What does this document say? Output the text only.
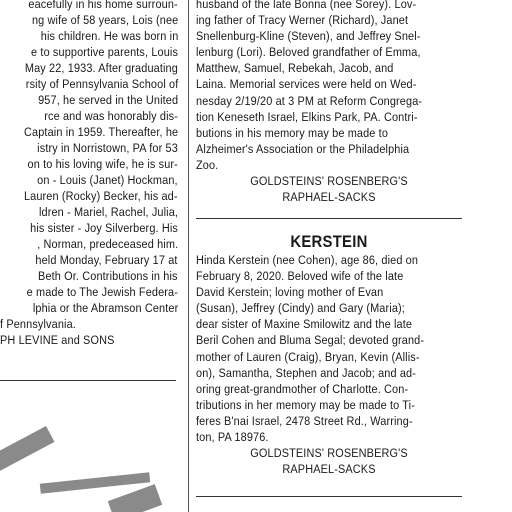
eacefully in his home surroun-
ng wife of 58 years, Lois (nee
his children. He was born in
e to supportive parents, Louis
May 22, 1933. After graduating
rsity of Pennsylvania School of
957, he served in the United
rce and was honorably dis-
Captain in 1959. Thereafter, he
istry in Norristown, PA for 53
on to his loving wife, he is sur-
on - Louis (Janet) Hockman,
Lauren (Rocky) Becker, his ad-
ldren - Mariel, Rachel, Julia,
his sister - Joy Silverberg. His
, Norman, predeceased him.
held Monday, February 17 at
Beth Or. Contributions in his
e made to The Jewish Federa-
lphia or the Abramson Center
f Pennsylvania.
PH LEVINE and SONS
husband of the late Bonna (nee Sorey). Lov-
ing father of Tracy Werner (Richard), Janet
Snellenburg-Kline (Steven), and Jeffrey Snel-
lenburg (Lori). Beloved grandfather of Emma,
Matthew, Samuel, Rebekah, Jacob, and
Laina. Memorial services were held on Wed-
nesday 2/19/20 at 3 PM at Reform Congrega-
tion Keneseth Israel, Elkins Park, PA. Contri-
butions in his memory may be made to
Alzheimer's Association or the Philadelphia
Zoo.
GOLDSTEINS' ROSENBERG'S
RAPHAEL-SACKS
KERSTEIN
Hinda Kerstein (nee Cohen), age 86, died on
February 8, 2020. Beloved wife of the late
David Kerstein; loving mother of Evan
(Susan), Jeffrey (Cindy) and Gary (Maria);
dear sister of Maxine Smilowitz and the late
Beril Cohen and Bluma Segal; devoted grand-
mother of Lauren (Craig), Bryan, Kevin (Allis-
on), Samantha, Stephen and Jacob; and ad-
oring great-grandmother of Charlotte. Con-
tributions in her memory may be made to Ti-
feres B'nai Israel, 2478 Street Rd., Warring-
ton, PA 18976.
GOLDSTEINS' ROSENBERG'S
RAPHAEL-SACKS
